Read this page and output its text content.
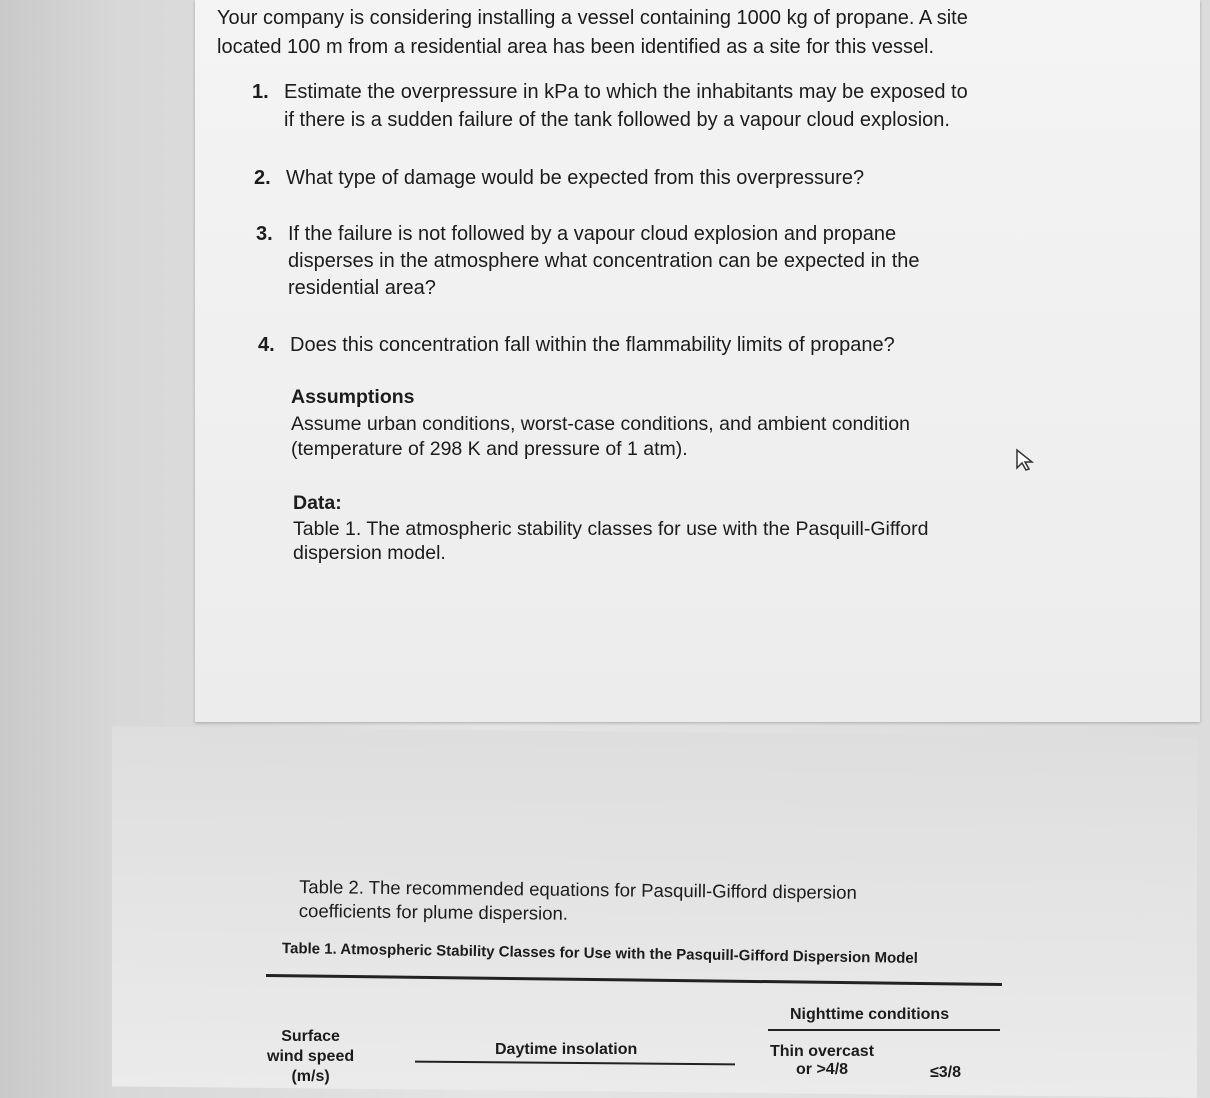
Your company is considering installing a vessel containing 1000 kg of propane. A site
located 100 m from a residential area has been identified as a site for this vessel.
1. Estimate the overpressure in kPa to which the inhabitants may be exposed to
if there is a sudden failure of the tank followed by a vapour cloud explosion.
2. What type of damage would be expected from this overpressure?
3. If the failure is not followed by a vapour cloud explosion and propane
disperses in the atmosphere what concentration can be expected in the
residential area?
4. Does this concentration fall within the flammability limits of propane?
Assumptions
Assume urban conditions, worst-case conditions, and ambient condition
(temperature of 298 K and pressure of 1 atm).
Data:
Table 1. The atmospheric stability classes for use with the Pasquill-Gifford
dispersion model.
Table 2. The recommended equations for Pasquill-Gifford dispersion
coefficients for plume dispersion.
Table 1. Atmospheric Stability Classes for Use with the Pasquill-Gifford Dispersion Model
Surface
wind speed
(m/s)
Daytime insolation
Nighttime conditions
Thin overcast
or >4/8	≤3/8
